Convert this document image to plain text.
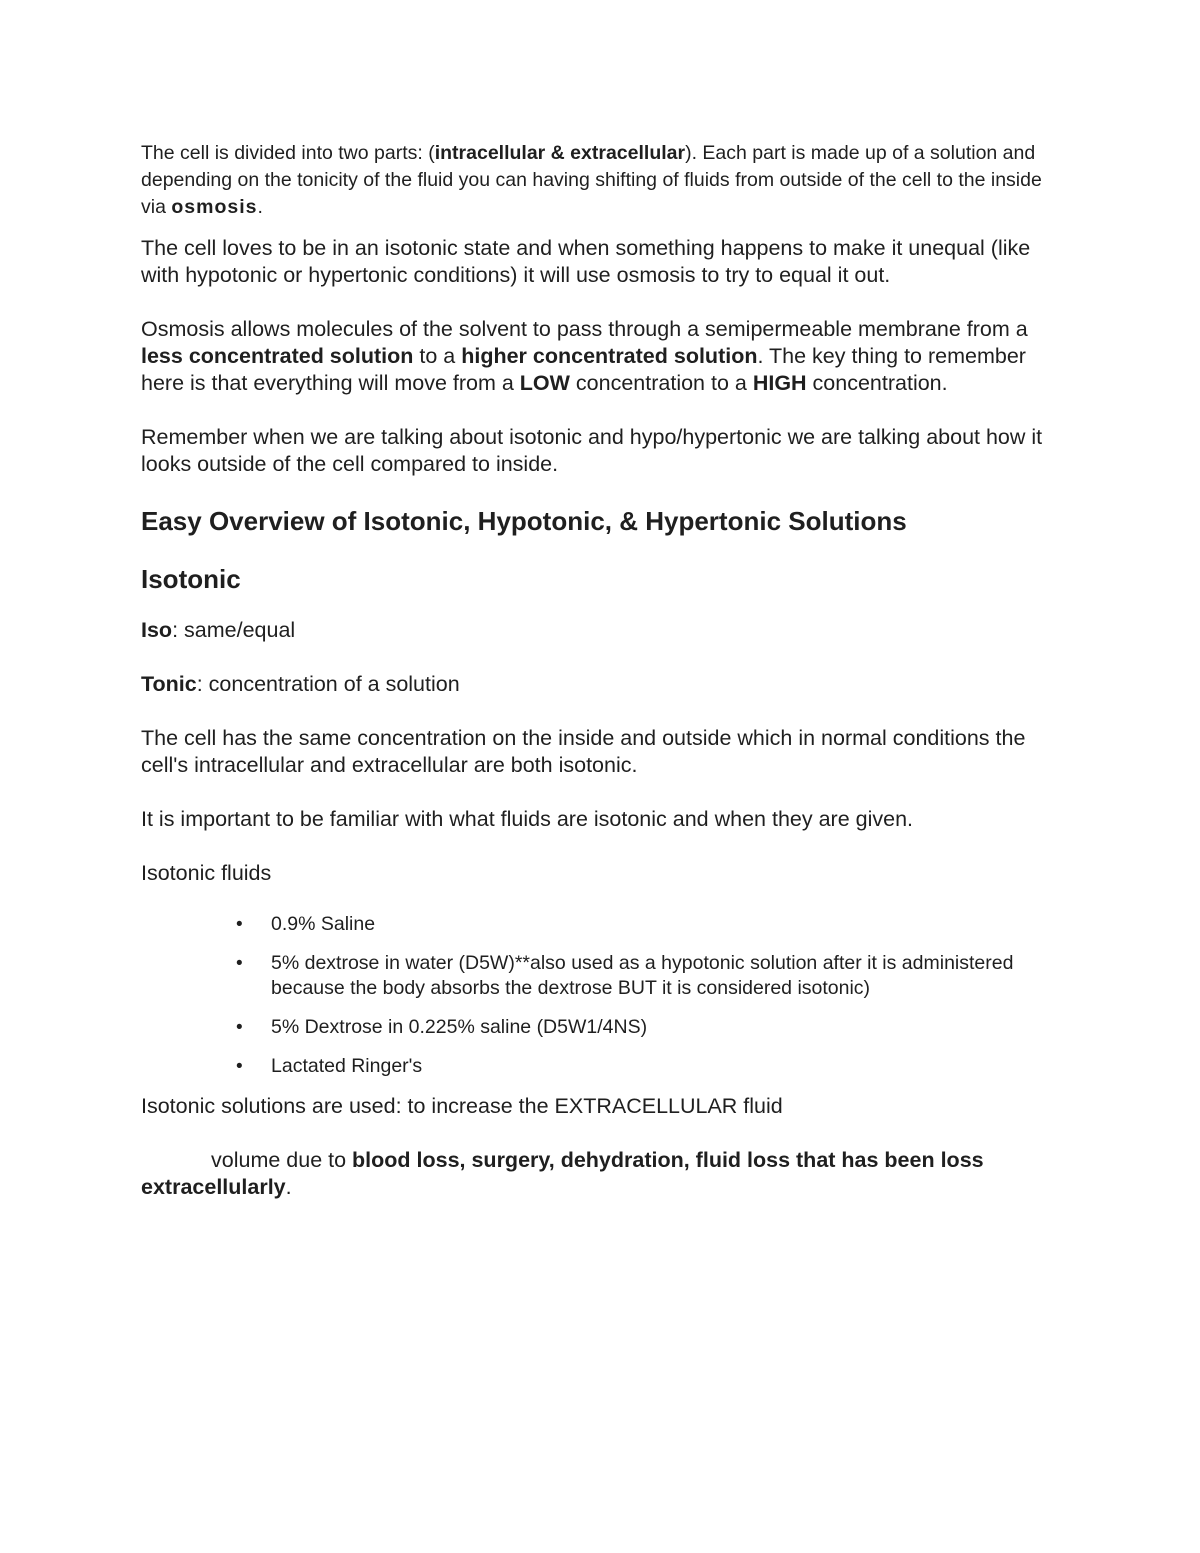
The cell is divided into two parts: (intracellular & extracellular). Each part is made up of a solution and depending on the tonicity of the fluid you can having shifting of fluids from outside of the cell to the inside via osmosis.

The cell loves to be in an isotonic state and when something happens to make it unequal (like with hypotonic or hypertonic conditions) it will use osmosis to try to equal it out.

Osmosis allows molecules of the solvent to pass through a semipermeable membrane from a less concentrated solution to a higher concentrated solution. The key thing to remember here is that everything will move from a LOW concentration to a HIGH concentration.

Remember when we are talking about isotonic and hypo/hypertonic we are talking about how it looks outside of the cell compared to inside.

Easy Overview of Isotonic, Hypotonic, & Hypertonic Solutions
Isotonic

Iso: same/equal

Tonic: concentration of a solution

The cell has the same concentration on the inside and outside which in normal conditions the cell's intracellular and extracellular are both isotonic.

It is important to be familiar with what fluids are isotonic and when they are given.

Isotonic fluids

• 0.9% Saline
• 5% dextrose in water (D5W)**also used as a hypotonic solution after it is administered because the body absorbs the dextrose BUT it is considered isotonic)
• 5% Dextrose in 0.225% saline (D5W1/4NS)
• Lactated Ringer's

Isotonic solutions are used: to increase the EXTRACELLULAR fluid

volume due to blood loss, surgery, dehydration, fluid loss that has been loss extracellularly.
